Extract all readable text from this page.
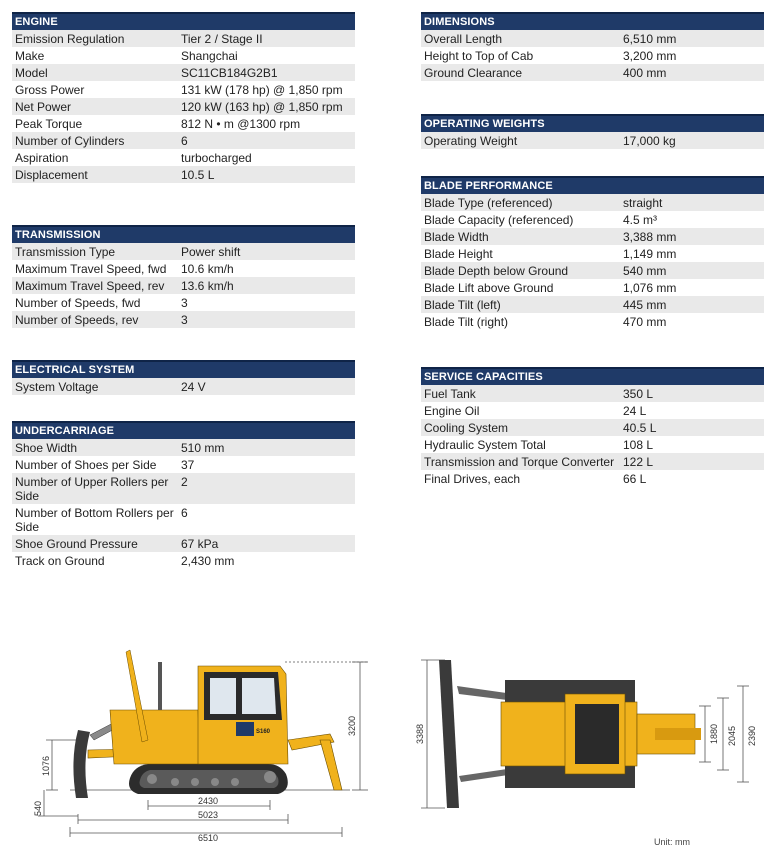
ENGINE
Emission Regulation	Tier 2 / Stage II
Make	Shangchai
Model	SC11CB184G2B1
Gross Power	131 kW (178 hp) @ 1,850 rpm
Net Power	120 kW (163 hp) @ 1,850 rpm
Peak Torque	812 N • m @1300 rpm
Number of Cylinders	6
Aspiration	turbocharged
Displacement	10.5 L
TRANSMISSION
Transmission Type	Power shift
Maximum Travel Speed, fwd	10.6 km/h
Maximum Travel Speed, rev	13.6 km/h
Number of Speeds, fwd	3
Number of Speeds, rev	3
ELECTRICAL SYSTEM
System Voltage	24 V
UNDERCARRIAGE
Shoe Width	510 mm
Number of Shoes per Side	37
Number of Upper Rollers per Side	2
Number of Bottom Rollers per Side	6
Shoe Ground Pressure	67 kPa
Track on Ground	2,430 mm
DIMENSIONS
Overall Length	6,510 mm
Height to Top of Cab	3,200 mm
Ground Clearance	400 mm
OPERATING WEIGHTS
Operating Weight	17,000 kg
BLADE PERFORMANCE
Blade Type (referenced)	straight
Blade Capacity (referenced)	4.5 m³
Blade Width	3,388 mm
Blade Height	1,149 mm
Blade Depth below Ground	540 mm
Blade Lift above Ground	1,076 mm
Blade Tilt (left)	445 mm
Blade Tilt (right)	470 mm
SERVICE CAPACITIES
Fuel Tank	350 L
Engine Oil	24 L
Cooling System	40.5 L
Hydraulic System Total	108 L
Transmission and Torque Converter	122 L
Final Drives, each	66 L
3200
1076
540
S160
2430
5023
6510
3388	1880 2045 2390
Unit: mm
